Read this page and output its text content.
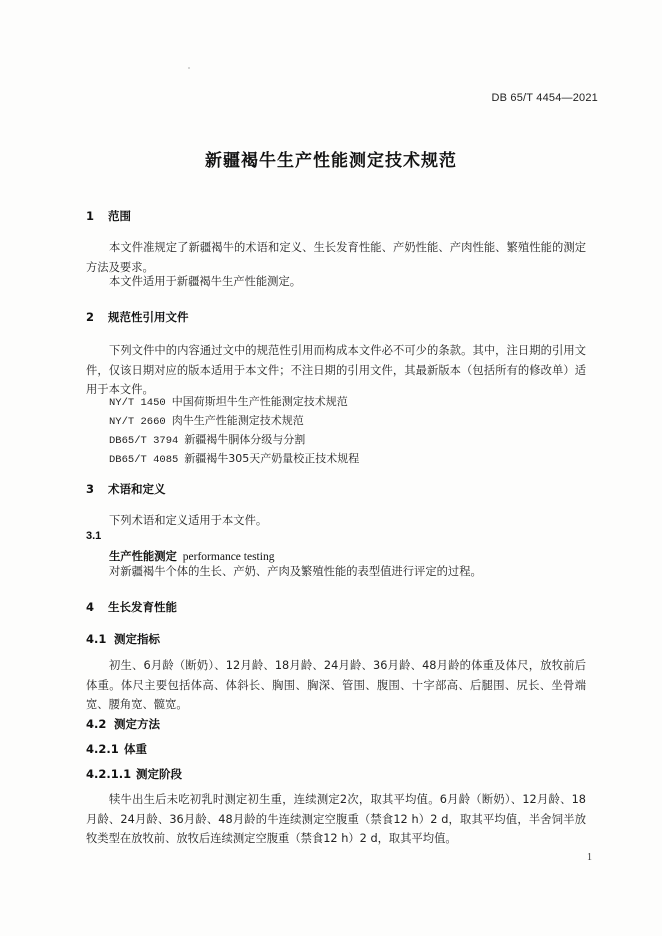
DB 65/T 4454—2021
新疆褐牛生产性能测定技术规范
1 范围
本文件准规定了新疆褐牛的术语和定义、生长发育性能、产奶性能、产肉性能、繁殖性能的测定方法及要求。
本文件适用于新疆褐牛生产性能测定。
2 规范性引用文件
下列文件中的内容通过文中的规范性引用而构成本文件必不可少的条款。其中，注日期的引用文件，仅该日期对应的版本适用于本文件；不注日期的引用文件，其最新版本（包括所有的修改单）适用于本文件。
NY/T 1450 中国荷斯坦牛生产性能测定技术规范
NY/T 2660 肉牛生产性能测定技术规范
DB65/T 3794 新疆褐牛胴体分级与分割
DB65/T 4085 新疆褐牛305天产奶量校正技术规程
3 术语和定义
下列术语和定义适用于本文件。
3.1
生产性能测定 performance testing
对新疆褐牛个体的生长、产奶、产肉及繁殖性能的表型值进行评定的过程。
4 生长发育性能
4.1 测定指标
初生、6月龄（断奶）、12月龄、18月龄、24月龄、36月龄、48月龄的体重及体尺，放牧前后体重。体尺主要包括体高、体斜长、胸围、胸深、管围、腹围、十字部高、后腿围、尻长、坐骨端宽、腰角宽、髋宽。
4.2 测定方法
4.2.1 体重
4.2.1.1 测定阶段
犊牛出生后未吃初乳时测定初生重，连续测定2次，取其平均值。6月龄（断奶）、12月龄、18月龄、24月龄、36月龄、48月龄的牛连续测定空腹重（禁食12 h）2 d，取其平均值，半舍饲半放牧类型在放牧前、放牧后连续测定空腹重（禁食12 h）2 d，取其平均值。
1
